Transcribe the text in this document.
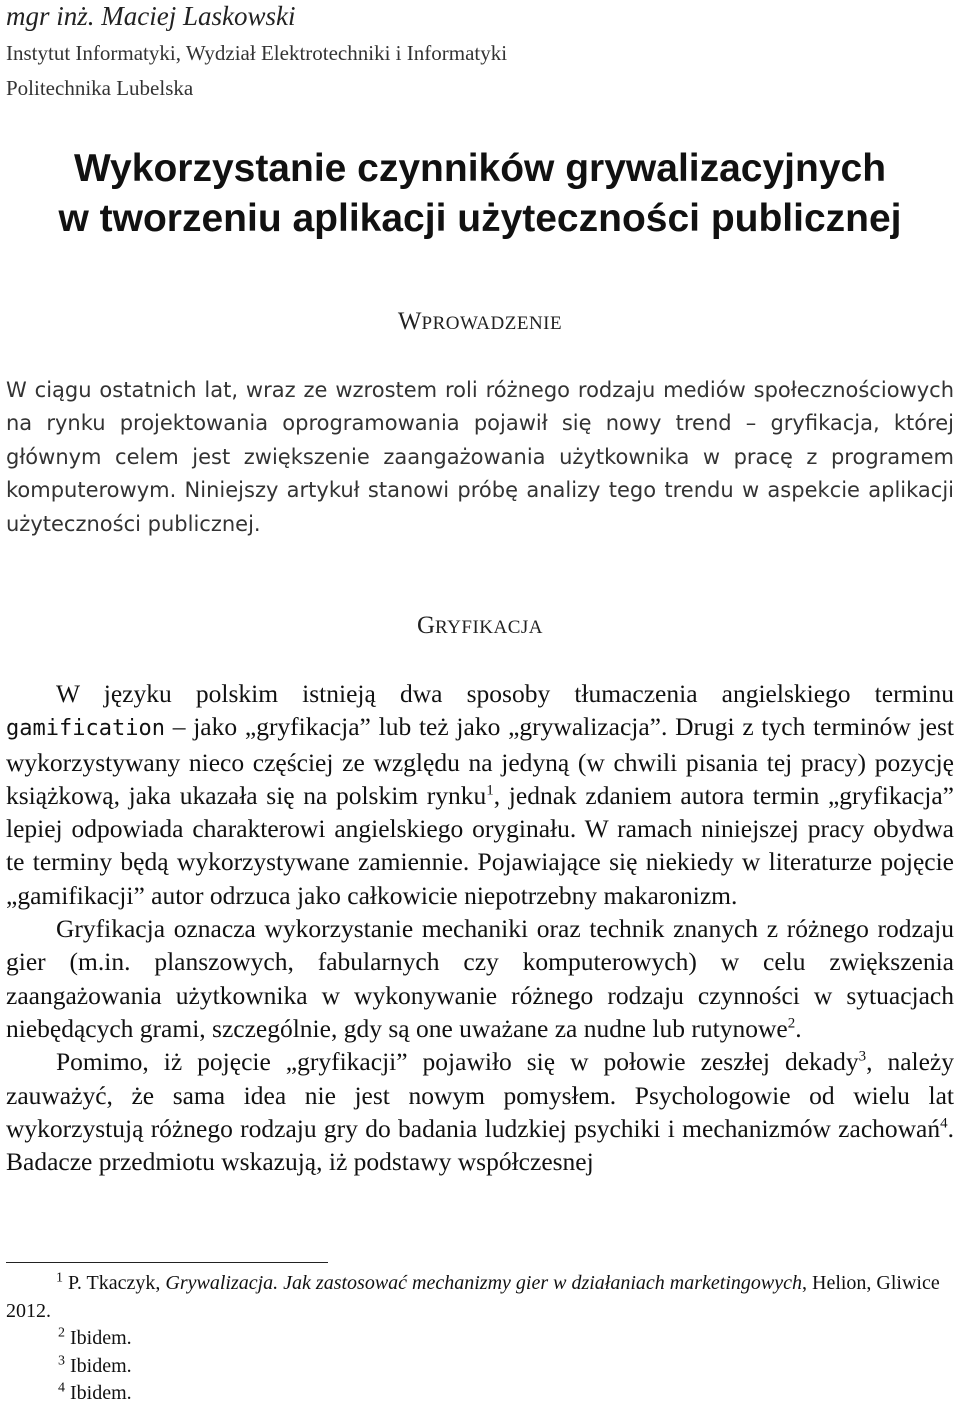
mgr inż. Maciej Laskowski

Instytut Informatyki, Wydział Elektrotechniki i Informatyki

Politechnika Lubelska

Wykorzystanie czynników grywalizacyjnych
w tworzeniu aplikacji użyteczności publicznej
WPROWADZENIE

W ciągu ostatnich lat, wraz ze wzrostem roli różnego rodzaju mediów społecznościowych na rynku projektowania oprogramowania pojawił się nowy trend – gryfikacja, której głównym celem jest zwiększenie zaangażowania użytkownika w pracę z programem komputerowym. Niniejszy artykuł stanowi próbę analizy tego trendu w aspekcie aplikacji użyteczności publicznej.

GRYFIKACJA

W języku polskim istnieją dwa sposoby tłumaczenia angielskiego terminu gamification – jako „gryfikacja” lub też jako „grywalizacja”. Drugi z tych terminów jest wykorzystywany nieco częściej ze względu na jedyną (w chwili pisania tej pracy) pozycję książkową, jaka ukazała się na polskim rynku$^1$, jednak zdaniem autora termin „gryfikacja” lepiej odpowiada charakterowi angielskiego oryginału. W ramach niniejszej pracy obydwa te terminy będą wykorzystywane zamiennie. Pojawiające się niekiedy w literaturze pojęcie „gamifikacji” autor odrzuca jako całkowicie niepotrzebny makaronizm.

Gryfikacja oznacza wykorzystanie mechaniki oraz technik znanych z różnego rodzaju gier (m.in. planszowych, fabularnych czy komputerowych) w celu zwiększenia zaangażowania użytkownika w wykonywanie różnego rodzaju czynności w sytuacjach niebędących grami, szczególnie, gdy są one uważane za nudne lub rutynowe$^2$.

Pomimo, iż pojęcie „gryfikacji” pojawiło się w połowie zeszłej dekady$^3$, należy zauważyć, że sama idea nie jest nowym pomysłem. Psychologowie od wielu lat wykorzystują różnego rodzaju gry do badania ludzkiej psychiki i mechanizmów zachowań$^4$. Badacze przedmiotu wskazują, iż podstawy współczesnej

$^1$ P. Tkaczyk, Grywalizacja. Jak zastosować mechanizmy gier w działaniach marketingowych, Helion, Gliwice 2012.

$^2$ Ibidem.

$^3$ Ibidem.

$^4$ Ibidem.
